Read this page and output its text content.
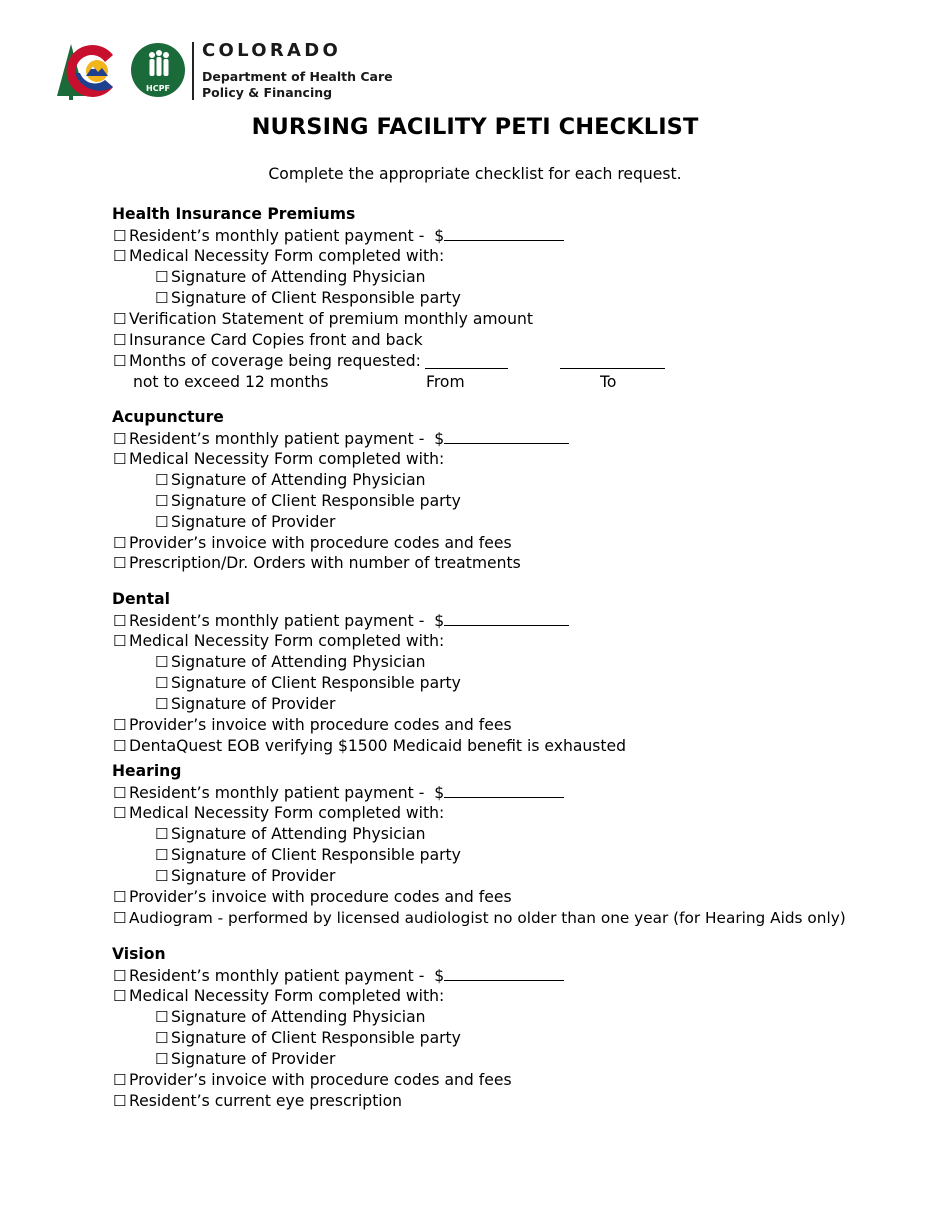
HCPF
COLORADO
Department of Health Care
Policy & Financing
NURSING FACILITY PETI CHECKLIST
Complete the appropriate checklist for each request.
Health Insurance Premiums
☐ Resident’s monthly patient payment - $
☐ Medical Necessity Form completed with:
☐ Signature of Attending Physician
☐ Signature of Client Responsible party
☐ Verification Statement of premium monthly amount
☐ Insurance Card Copies front and back
☐ Months of coverage being requested:
not to exceed 12 months	From	To
Acupuncture
☐ Resident’s monthly patient payment - $
☐ Medical Necessity Form completed with:
☐ Signature of Attending Physician
☐ Signature of Client Responsible party
☐ Signature of Provider
☐ Provider’s invoice with procedure codes and fees
☐ Prescription/Dr. Orders with number of treatments
Dental
☐ Resident’s monthly patient payment - $
☐ Medical Necessity Form completed with:
☐ Signature of Attending Physician
☐ Signature of Client Responsible party
☐ Signature of Provider
☐ Provider’s invoice with procedure codes and fees
☐ DentaQuest EOB verifying $1500 Medicaid benefit is exhausted
Hearing
☐ Resident’s monthly patient payment - $
☐ Medical Necessity Form completed with:
☐ Signature of Attending Physician
☐ Signature of Client Responsible party
☐ Signature of Provider
☐ Provider’s invoice with procedure codes and fees
☐ Audiogram - performed by licensed audiologist no older than one year (for Hearing Aids only)
Vision
☐ Resident’s monthly patient payment - $
☐ Medical Necessity Form completed with:
☐ Signature of Attending Physician
☐ Signature of Client Responsible party
☐ Signature of Provider
☐ Provider’s invoice with procedure codes and fees
☐ Resident’s current eye prescription
